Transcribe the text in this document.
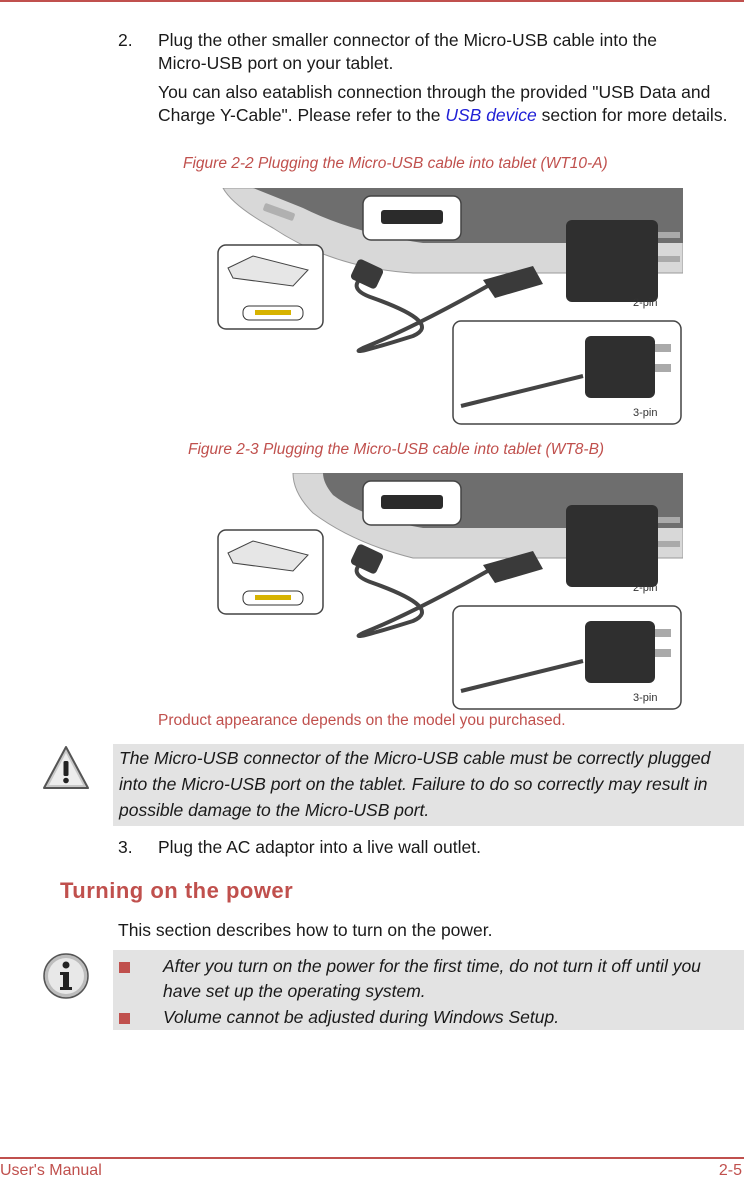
2. Plug the other smaller connector of the Micro-USB cable into the
Micro-USB port on your tablet.
You can also eatablish connection through the provided "USB Data and Charge Y-Cable". Please refer to the USB device section for more details.
Figure 2-2 Plugging the Micro-USB cable into tablet (WT10-A)
2-pin
3-pin
Figure 2-3 Plugging the Micro-USB cable into tablet (WT8-B)
2-pin
3-pin
Product appearance depends on the model you purchased.
The Micro-USB connector of the Micro-USB cable must be correctly plugged into the Micro-USB port on the tablet. Failure to do so correctly may result in possible damage to the Micro-USB port.
3. Plug the AC adaptor into a live wall outlet.
Turning on the power
This section describes how to turn on the power.
After you turn on the power for the first time, do not turn it off until you have set up the operating system.
Volume cannot be adjusted during Windows Setup.
User's Manual	2-5
